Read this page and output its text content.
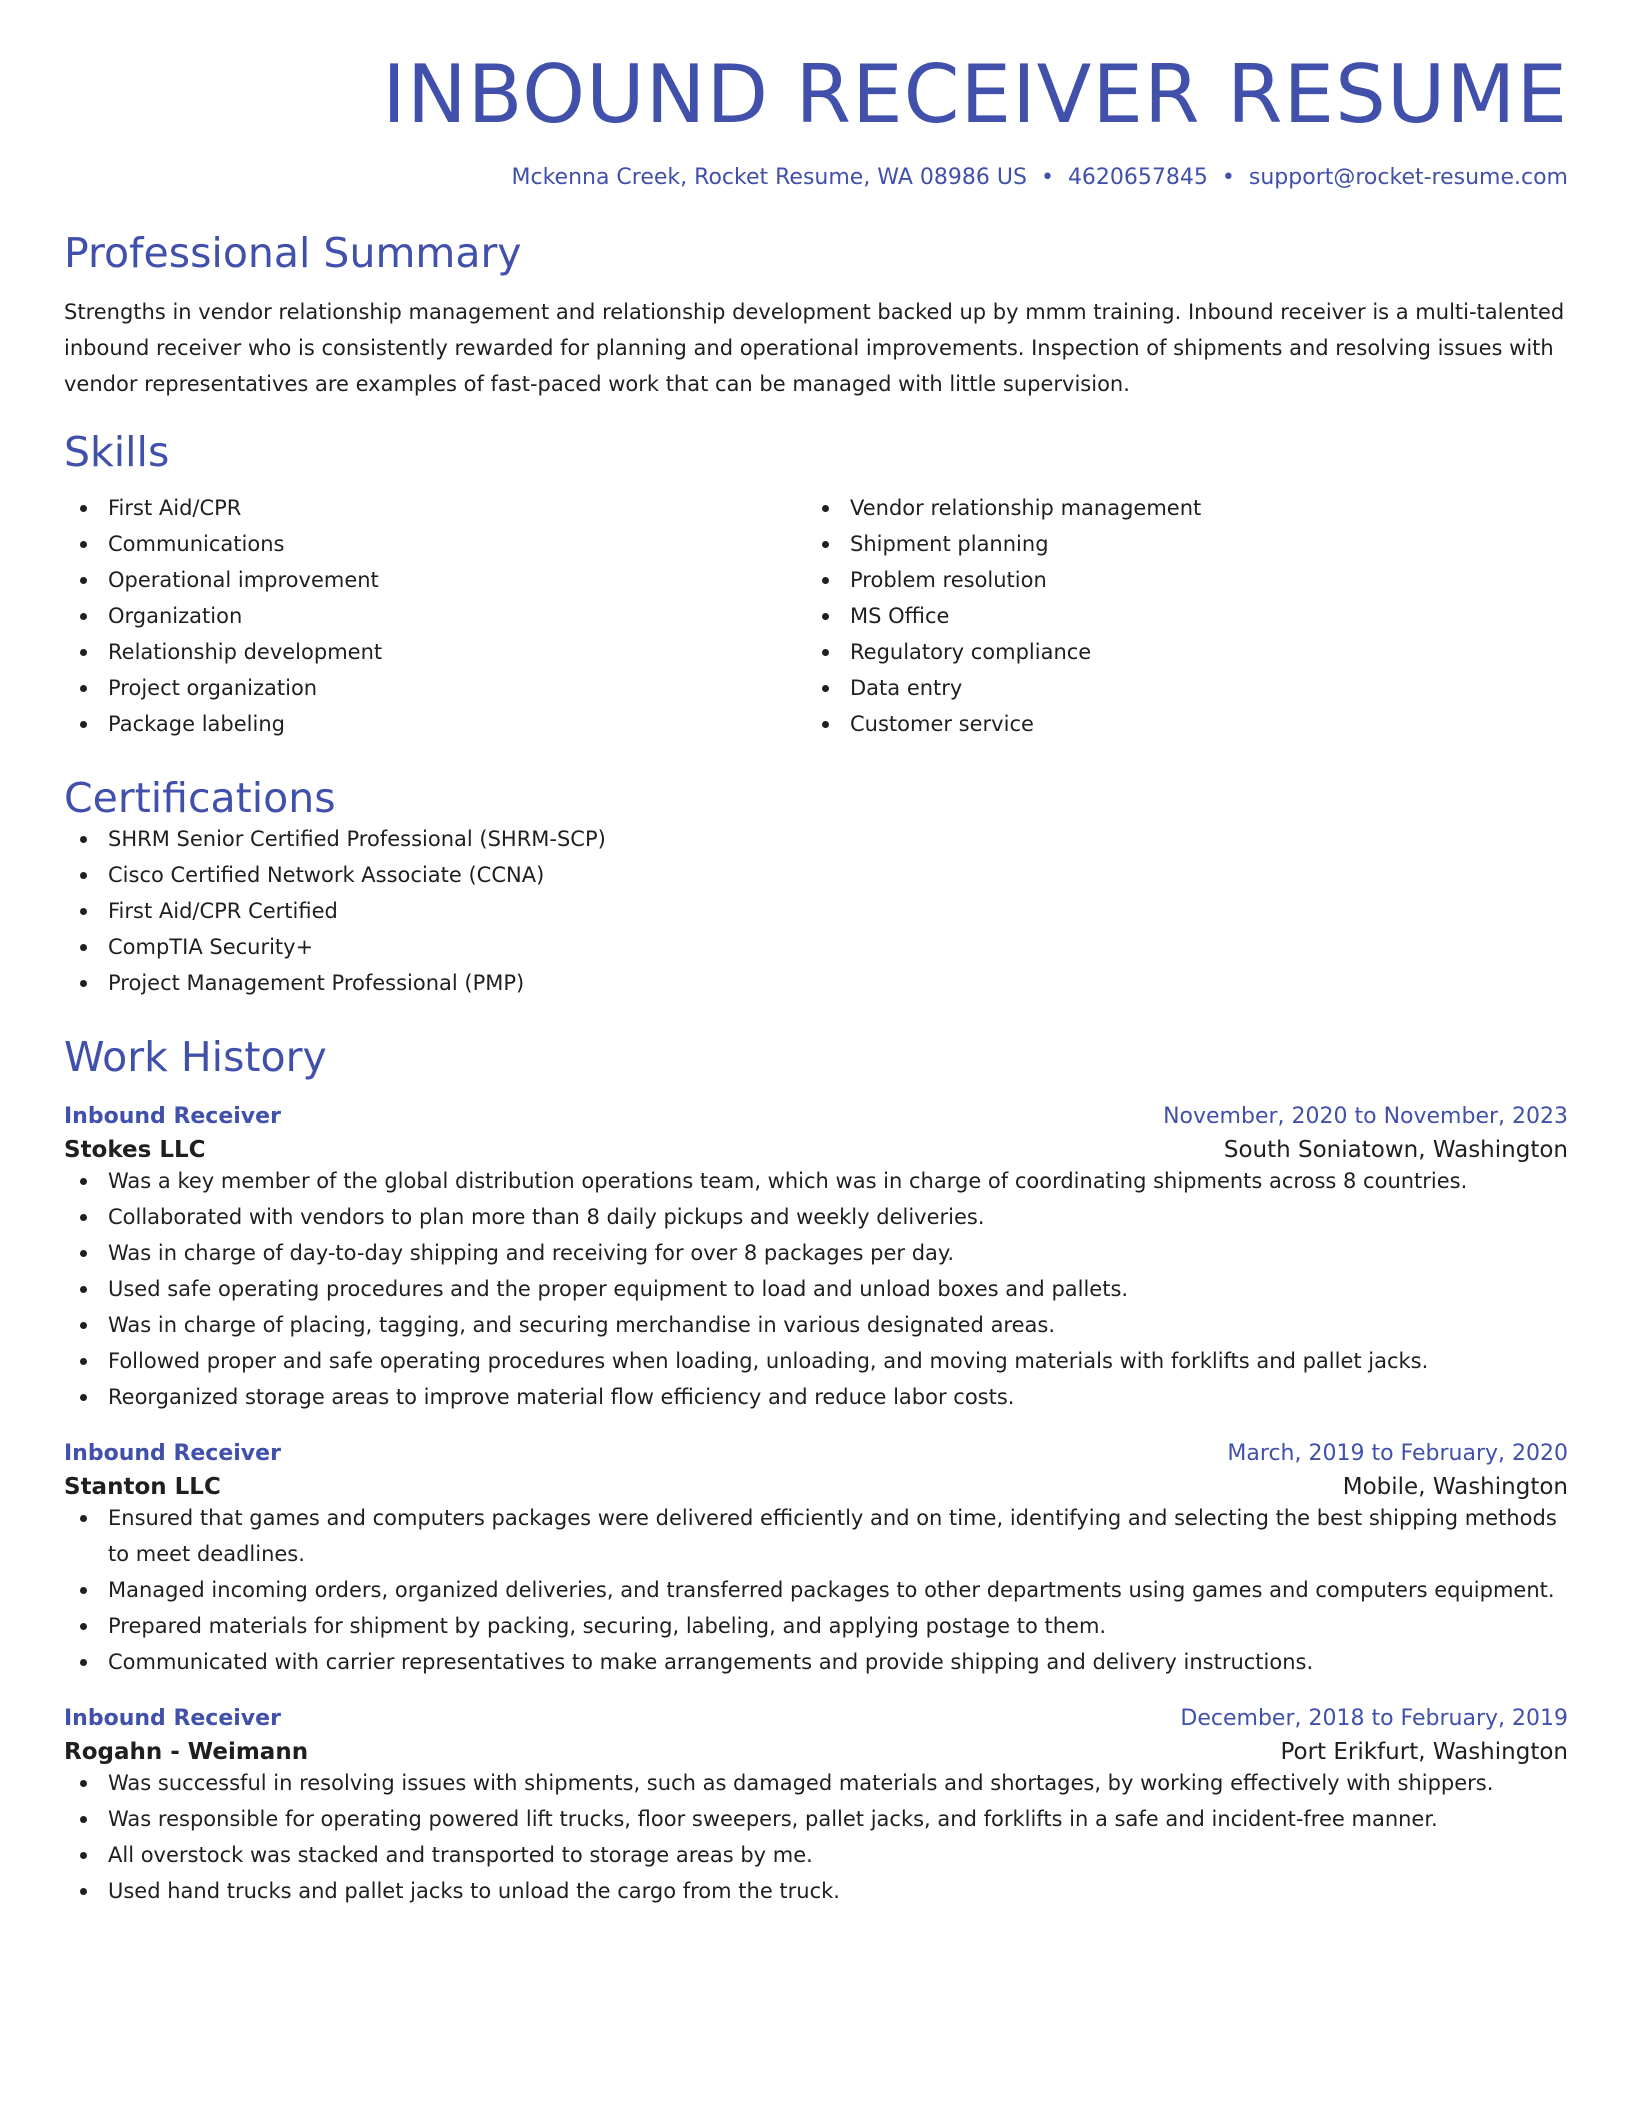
INBOUND RECEIVER RESUME
Mckenna Creek, Rocket Resume, WA 08986 US • 4620657845 • support@rocket-resume.com
Professional Summary
Strengths in vendor relationship management and relationship development backed up by mmm training. Inbound receiver is a multi-talented inbound receiver who is consistently rewarded for planning and operational improvements. Inspection of shipments and resolving issues with vendor representatives are examples of fast-paced work that can be managed with little supervision.
Skills
First Aid/CPR
Communications
Operational improvement
Organization
Relationship development
Project organization
Package labeling
Vendor relationship management
Shipment planning
Problem resolution
MS Office
Regulatory compliance
Data entry
Customer service
Certifications
SHRM Senior Certified Professional (SHRM-SCP)
Cisco Certified Network Associate (CCNA)
First Aid/CPR Certified
CompTIA Security+
Project Management Professional (PMP)
Work History
Inbound Receiver	November, 2020 to November, 2023
Stokes LLC	South Soniatown, Washington
Was a key member of the global distribution operations team, which was in charge of coordinating shipments across 8 countries.
Collaborated with vendors to plan more than 8 daily pickups and weekly deliveries.
Was in charge of day-to-day shipping and receiving for over 8 packages per day.
Used safe operating procedures and the proper equipment to load and unload boxes and pallets.
Was in charge of placing, tagging, and securing merchandise in various designated areas.
Followed proper and safe operating procedures when loading, unloading, and moving materials with forklifts and pallet jacks.
Reorganized storage areas to improve material flow efficiency and reduce labor costs.
Inbound Receiver	March, 2019 to February, 2020
Stanton LLC	Mobile, Washington
Ensured that games and computers packages were delivered efficiently and on time, identifying and selecting the best shipping methods to meet deadlines.
Managed incoming orders, organized deliveries, and transferred packages to other departments using games and computers equipment.
Prepared materials for shipment by packing, securing, labeling, and applying postage to them.
Communicated with carrier representatives to make arrangements and provide shipping and delivery instructions.
Inbound Receiver	December, 2018 to February, 2019
Rogahn - Weimann	Port Erikfurt, Washington
Was successful in resolving issues with shipments, such as damaged materials and shortages, by working effectively with shippers.
Was responsible for operating powered lift trucks, floor sweepers, pallet jacks, and forklifts in a safe and incident-free manner.
All overstock was stacked and transported to storage areas by me.
Used hand trucks and pallet jacks to unload the cargo from the truck.
